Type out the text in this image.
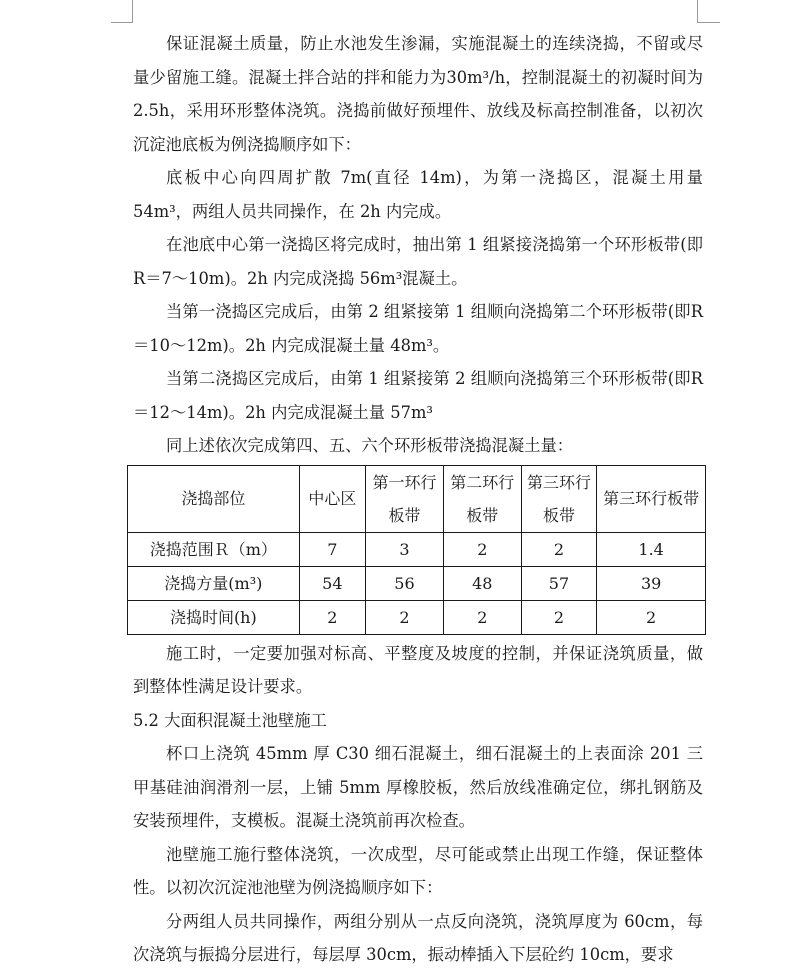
保证混凝土质量，防止水池发生渗漏，实施混凝土的连续浇捣，不留或尽量少留施工缝。混凝土拌合站的拌和能力为30m³/h，控制混凝土的初凝时间为 2.5h，采用环形整体浇筑。浇捣前做好预埋件、放线及标高控制准备，以初次沉淀池底板为例浇捣顺序如下：

底板中心向四周扩散 7m(直径 14m)，为第一浇捣区，混凝土用量 54m³，两组人员共同操作，在 2h 内完成。

在池底中心第一浇捣区将完成时，抽出第 1 组紧接浇捣第一个环形板带(即R＝7～10m)。2h 内完成浇捣 56m³混凝土。

当第一浇捣区完成后，由第 2 组紧接第 1 组顺向浇捣第二个环形板带(即R＝10～12m)。2h 内完成混凝土量 48m³。

当第二浇捣区完成后，由第 1 组紧接第 2 组顺向浇捣第三个环形板带(即R＝12～14m)。2h 内完成混凝土量 57m³

同上述依次完成第四、五、六个环形板带浇捣混凝土量：

浇捣部位	中心区	第一环行板带	第二环行板带	第三环行板带	第三环行板带
浇捣范围Ｒ（m）	7	3	2	2	1.4
浇捣方量(m³)	54	56	48	57	39
浇捣时间(h)	2	2	2	2	2

施工时，一定要加强对标高、平整度及坡度的控制，并保证浇筑质量，做到整体性满足设计要求。

5.2 大面积混凝土池壁施工

杯口上浇筑 45mm 厚 C30 细石混凝土，细石混凝土的上表面涂 201 三甲基硅油润滑剂一层，上铺 5mm 厚橡胶板，然后放线准确定位，绑扎钢筋及安装预埋件，支模板。混凝土浇筑前再次检查。

池壁施工施行整体浇筑，一次成型，尽可能或禁止出现工作缝，保证整体性。以初次沉淀池池壁为例浇捣顺序如下：

分两组人员共同操作，两组分别从一点反向浇筑，浇筑厚度为 60cm，每次浇筑与振捣分层进行，每层厚 30cm，振动棒插入下层砼约 10cm，要求
